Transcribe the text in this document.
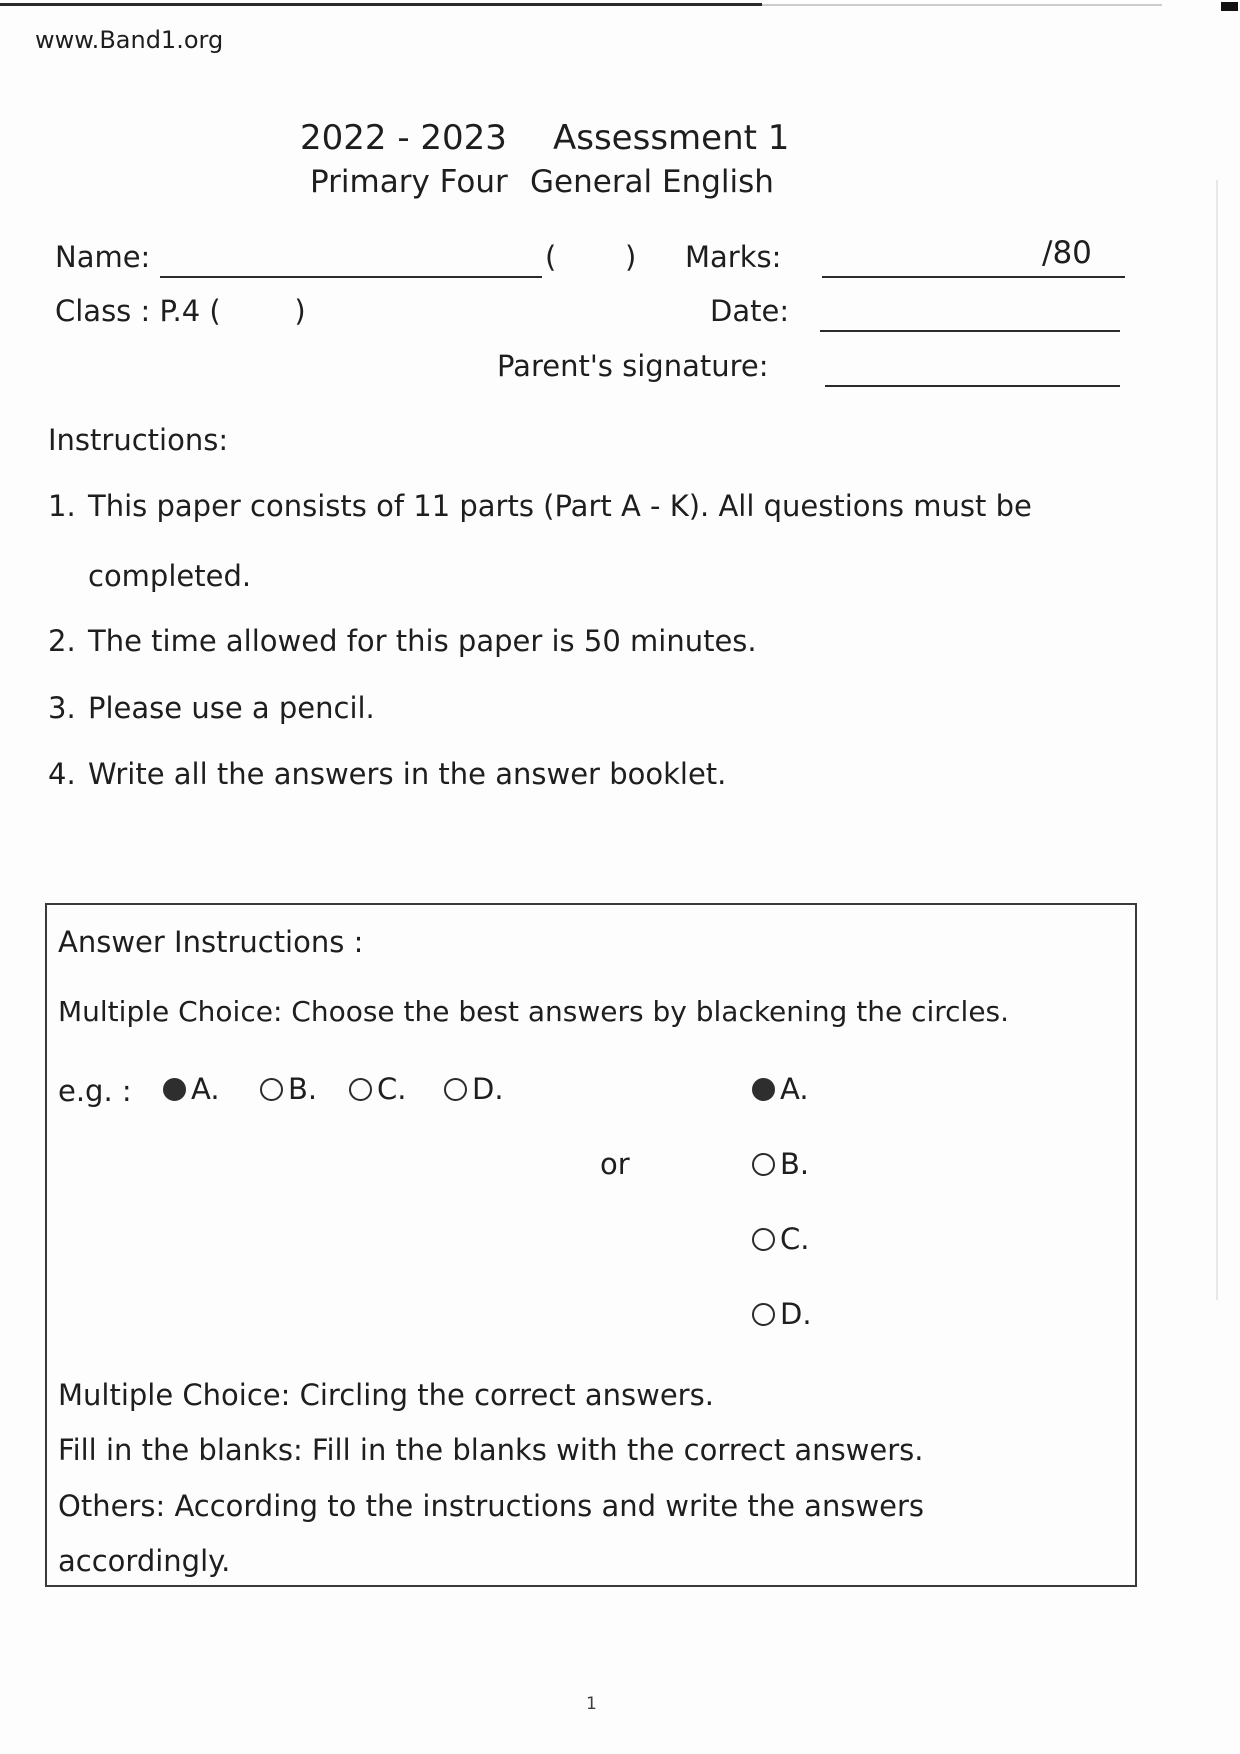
www.Band1.org
2022 - 2023 Assessment 1
Primary Four General English
Name:	( ) Marks:	/80
Class : P.4 (        )	Date:
Parent's signature:
Instructions:
1. This paper consists of 11 parts (Part A - K). All questions must be
completed.
2. The time allowed for this paper is 50 minutes.
3. Please use a pencil.
4. Write all the answers in the answer booklet.
Answer Instructions :
Multiple Choice: Choose the best answers by blackening the circles.
e.g. : A. B. C. D.	A.
or	B.
C.
D.
Multiple Choice: Circling the correct answers.
Fill in the blanks: Fill in the blanks with the correct answers.
Others: According to the instructions and write the answers
accordingly.
1
